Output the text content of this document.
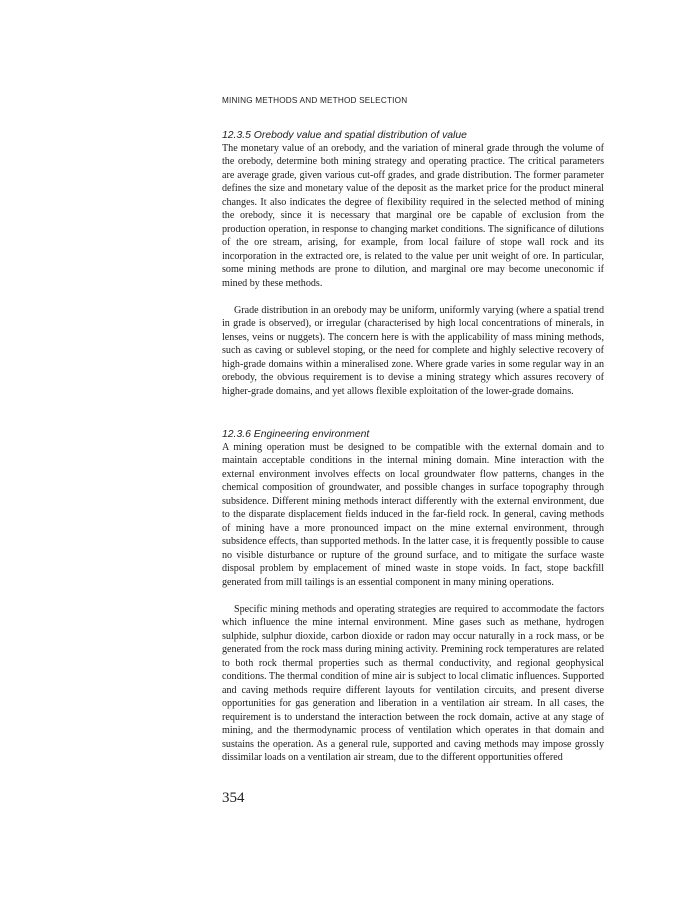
MINING METHODS AND METHOD SELECTION
12.3.5 Orebody value and spatial distribution of value

The monetary value of an orebody, and the variation of mineral grade through the volume of the orebody, determine both mining strategy and operating practice. The critical parameters are average grade, given various cut-off grades, and grade distribution. The former parameter defines the size and monetary value of the deposit as the market price for the product mineral changes. It also indicates the degree of flexibility required in the selected method of mining the orebody, since it is necessary that marginal ore be capable of exclusion from the production operation, in response to changing market conditions. The significance of dilutions of the ore stream, arising, for example, from local failure of stope wall rock and its incorporation in the extracted ore, is related to the value per unit weight of ore. In particular, some mining methods are prone to dilution, and marginal ore may become uneconomic if mined by these methods.

Grade distribution in an orebody may be uniform, uniformly varying (where a spatial trend in grade is observed), or irregular (characterised by high local concentrations of minerals, in lenses, veins or nuggets). The concern here is with the applicability of mass mining methods, such as caving or sublevel stoping, or the need for complete and highly selective recovery of high-grade domains within a mineralised zone. Where grade varies in some regular way in an orebody, the obvious requirement is to devise a mining strategy which assures recovery of higher-grade domains, and yet allows flexible exploitation of the lower-grade domains.

12.3.6 Engineering environment

A mining operation must be designed to be compatible with the external domain and to maintain acceptable conditions in the internal mining domain. Mine interaction with the external environment involves effects on local groundwater flow patterns, changes in the chemical composition of groundwater, and possible changes in surface topography through subsidence. Different mining methods interact differently with the external environment, due to the disparate displacement fields induced in the far-field rock. In general, caving methods of mining have a more pronounced impact on the mine external environment, through subsidence effects, than supported methods. In the latter case, it is frequently possible to cause no visible disturbance or rupture of the ground surface, and to mitigate the surface waste disposal problem by emplacement of mined waste in stope voids. In fact, stope backfill generated from mill tailings is an essential component in many mining operations.

Specific mining methods and operating strategies are required to accommodate the factors which influence the mine internal environment. Mine gases such as methane, hydrogen sulphide, sulphur dioxide, carbon dioxide or radon may occur naturally in a rock mass, or be generated from the rock mass during mining activity. Premining rock temperatures are related to both rock thermal properties such as thermal conductivity, and regional geophysical conditions. The thermal condition of mine air is subject to local climatic influences. Supported and caving methods require different layouts for ventilation circuits, and present diverse opportunities for gas generation and liberation in a ventilation air stream. In all cases, the requirement is to understand the interaction between the rock domain, active at any stage of mining, and the thermodynamic process of ventilation which operates in that domain and sustains the operation. As a general rule, supported and caving methods may impose grossly dissimilar loads on a ventilation air stream, due to the different opportunities offered

354
